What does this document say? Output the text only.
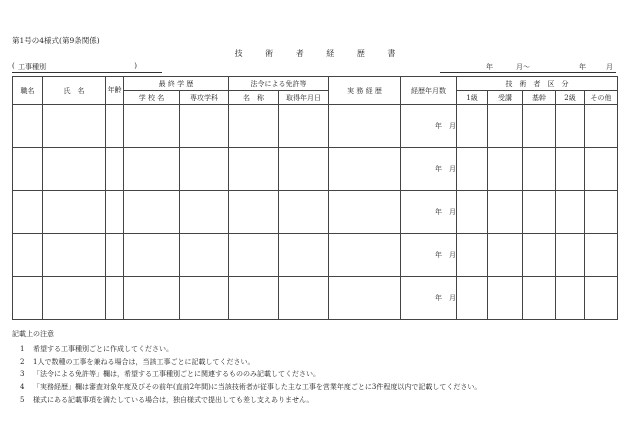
第1号の4様式(第9条関係)
技	術	者	経	歴	書
( 工事種別	)	年	月～	年	月
職名	氏　名	年齢	最 終 学 歴		法令による免許等		実 務 経 歴	経歴年月数	技　術　者　区　分				
			学 校 名	専攻学科	名　称	取得年月日			1級	受講	基幹	2級	その他
								年　月					
								年　月					
								年　月					
								年　月					
								年　月					
記載上の注意
1 希望する工事種別ごとに作成してください。
2 1人で数種の工事を兼ねる場合は，当該工事ごとに記載してください。
3 「法令による免許等」欄は，希望する工事種別ごとに関連するもののみ記載してください。
4 「実務経歴」欄は審査対象年度及びその前年(直前2年間)に当該技術者が従事した主な工事を営業年度ごとに3件程度以内で記載してください。
5 様式にある記載事項を満たしている場合は，独自様式で提出しても差し支えありません。
